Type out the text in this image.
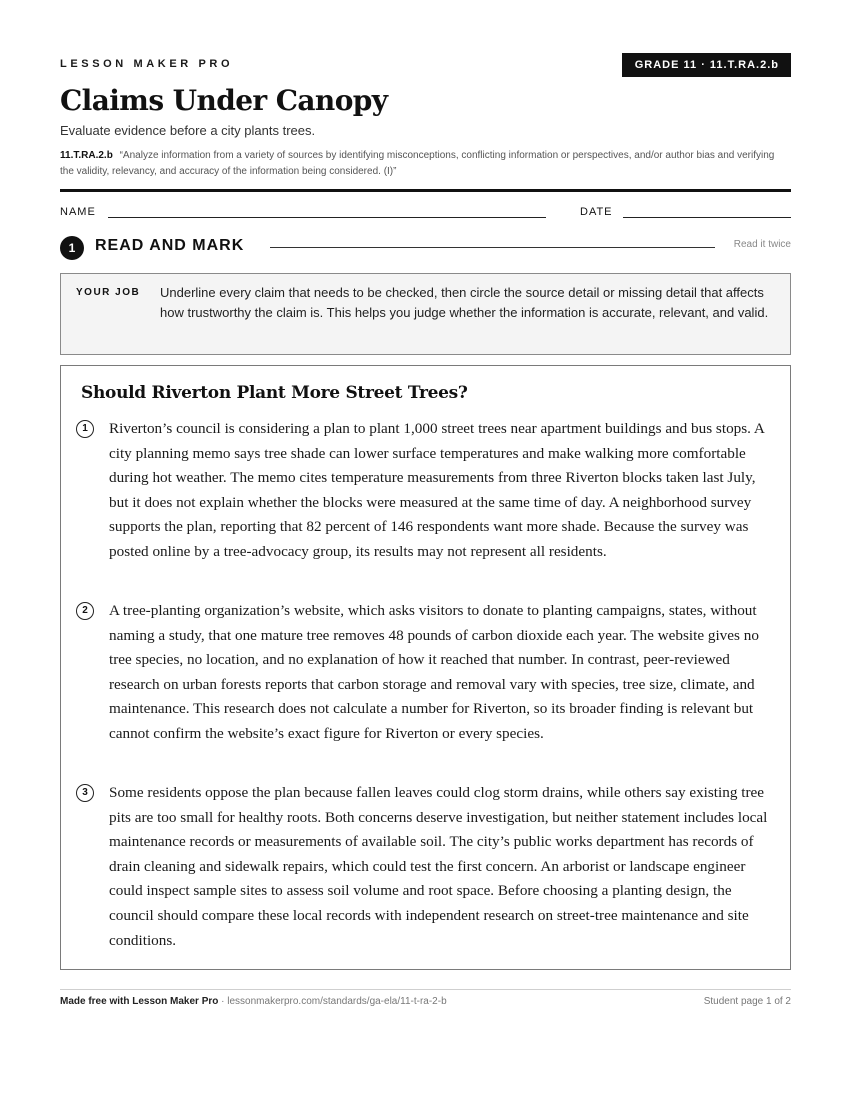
LESSON MAKER PRO	GRADE 11 · 11.T.RA.2.b
Claims Under Canopy
Evaluate evidence before a city plants trees.
11.T.RA.2.b “Analyze information from a variety of sources by identifying misconceptions, conflicting information or perspectives, and/or author bias and verifying the validity, relevancy, and accuracy of the information being considered. (I)”
NAME	DATE
1	READ AND MARK	Read it twice
YOUR JOB Underline every claim that needs to be checked, then circle the source detail or missing detail that affects how trustworthy the claim is. This helps you judge whether the information is accurate, relevant, and valid.

Should Riverton Plant More Street Trees?
1	Riverton’s council is considering a plan to plant 1,000 street trees near apartment buildings and bus stops. A city planning memo says tree shade can lower surface temperatures and make walking more comfortable during hot weather. The memo cites temperature measurements from three Riverton blocks taken last July, but it does not explain whether the blocks were measured at the same time of day. A neighborhood survey supports the plan, reporting that 82 percent of 146 respondents want more shade. Because the survey was posted online by a tree-advocacy group, its results may not represent all residents.

2	A tree-planting organization’s website, which asks visitors to donate to planting campaigns, states, without naming a study, that one mature tree removes 48 pounds of carbon dioxide each year. The website gives no tree species, no location, and no explanation of how it reached that number. In contrast, peer-reviewed research on urban forests reports that carbon storage and removal vary with species, tree size, climate, and maintenance. This research does not calculate a number for Riverton, so its broader finding is relevant but cannot confirm the website’s exact figure for Riverton or every species.

3	Some residents oppose the plan because fallen leaves could clog storm drains, while others say existing tree pits are too small for healthy roots. Both concerns deserve investigation, but neither statement includes local maintenance records or measurements of available soil. The city’s public works department has records of drain cleaning and sidewalk repairs, which could test the first concern. An arborist or landscape engineer could inspect sample sites to assess soil volume and root space. Before choosing a planting design, the council should compare these local records with independent research on street-tree maintenance and site conditions.

Made free with Lesson Maker Pro · lessonmakerpro.com/standards/ga-ela/11-t-ra-2-b	Student page 1 of 2
